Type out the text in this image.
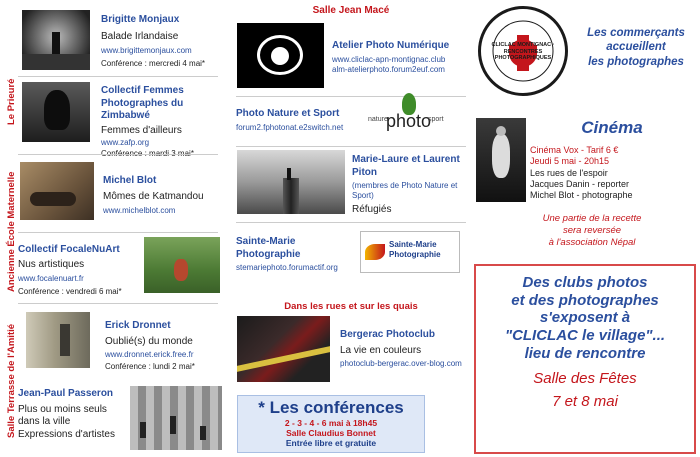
Le Prieuré
Ancienne École Maternelle
Salle Terrasse de l'Amitié
Brigitte Monjaux
Balade Irlandaise
www.brigittemonjaux.com
Conférence : mercredi 4 mai*
Collectif Femmes Photographes du Zimbabwé
Femmes d'ailleurs
www.zafp.org
Michel Blot
Mômes de Katmandou
www.michelblot.com
Collectif FocaleNuArt
Nus artistiques
www.focalenuart.fr
Conférence : vendredi 6 mai*
Erick Dronnet
Oublié(s) du monde
www.dronnet.erick.free.fr
Conférence : lundi 2 mai*
Jean-Paul Passeron
Plus ou moins seuls
dans la ville
Expressions d'artistes
Salle Jean Macé
Atelier Photo Numérique
www.cliclac-apn-montignac.club
alm-atelierphoto.forum2euf.com
Photo Nature et Sport
forum2.fphotonat.e2switch.net
nature
photo
sport
Marie-Laure et Laurent Piton
(membres de Photo Nature et Sport)
Réfugiés
Sainte-Marie Photographie
stemariephoto.forumactif.org
Sainte-Marie Photographie
Dans les rues et sur les quais
Bergerac Photoclub
La vie en couleurs
photoclub-bergerac.over-blog.com
* Les conférences
2 - 3 - 4 - 6 mai à 18h45
Salle Claudius Bonnet
Entrée libre et gratuite
CLICLAC MONTIGNAC · RENCONTRES PHOTOGRAPHIQUES
Les commerçants
accueillent
les photographes
Cinéma
Cinéma Vox - Tarif 6 €
Jeudi 5 mai - 20h15
Les rues de l'espoir
Jacques Danin - reporter
Michel Blot - photographe
Une partie de la recette
sera reversée
à l'association Népal
Des clubs photos
et des photographes
s'exposent à
"CLICLAC le village"...
lieu de rencontre
Salle des Fêtes
7 et 8 mai
